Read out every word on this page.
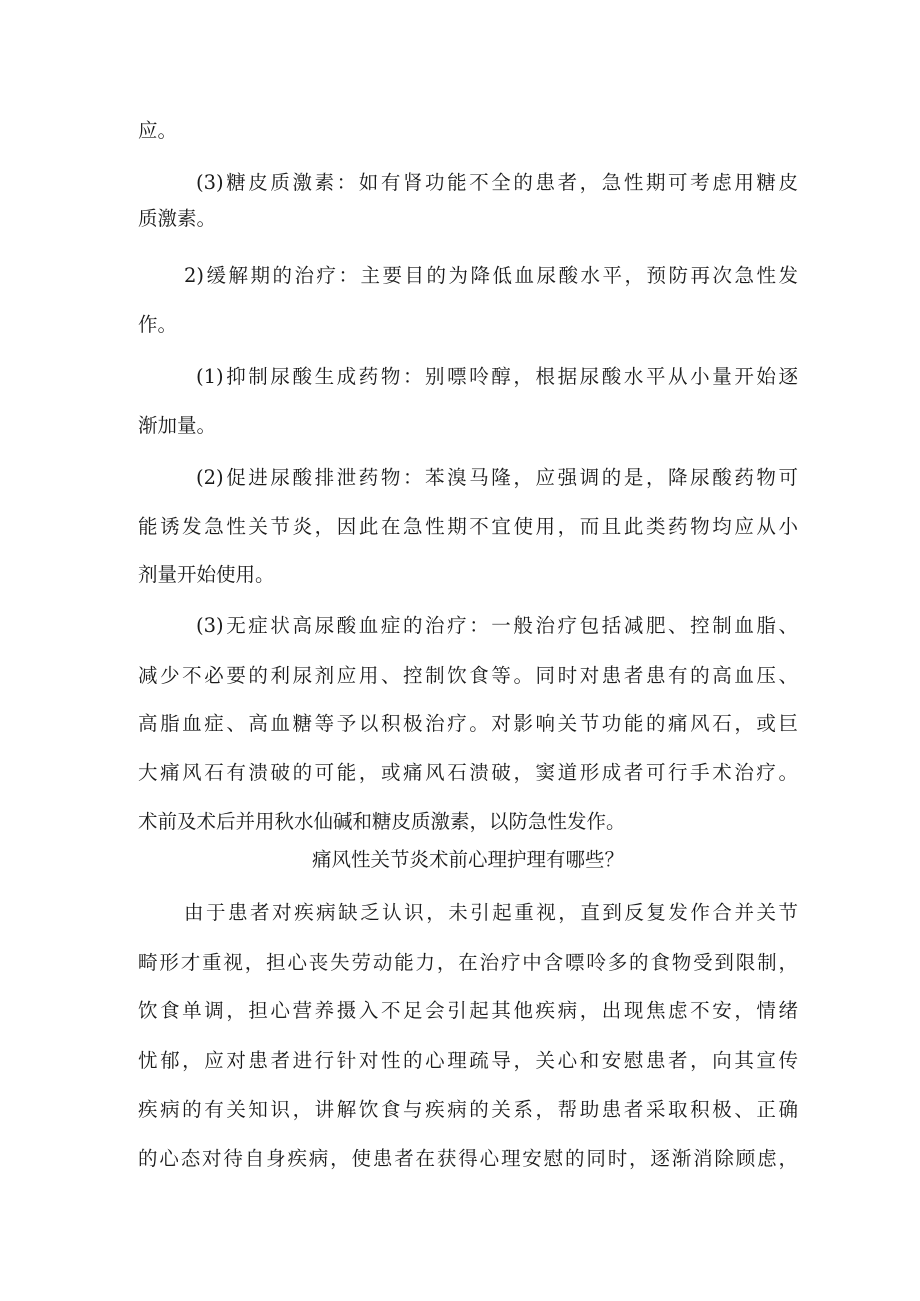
应。
(3)糖皮质激素：如有肾功能不全的患者，急性期可考虑用糖皮
质激素。
2)缓解期的治疗：主要目的为降低血尿酸水平，预防再次急性发
作。
(1)抑制尿酸生成药物：别嘌呤醇，根据尿酸水平从小量开始逐
渐加量。
(2)促进尿酸排泄药物：苯溴马隆，应强调的是，降尿酸药物可
能诱发急性关节炎，因此在急性期不宜使用，而且此类药物均应从小
剂量开始使用。
(3)无症状高尿酸血症的治疗：一般治疗包括减肥、控制血脂、
减少不必要的利尿剂应用、控制饮食等。同时对患者患有的高血压、
高脂血症、高血糖等予以积极治疗。对影响关节功能的痛风石，或巨
大痛风石有溃破的可能，或痛风石溃破，窦道形成者可行手术治疗。
术前及术后并用秋水仙碱和糖皮质激素，以防急性发作。
痛风性关节炎术前心理护理有哪些？
由于患者对疾病缺乏认识，未引起重视，直到反复发作合并关节
畸形才重视，担心丧失劳动能力，在治疗中含嘌呤多的食物受到限制，
饮食单调，担心营养摄入不足会引起其他疾病，出现焦虑不安，情绪
忧郁，应对患者进行针对性的心理疏导，关心和安慰患者，向其宣传
疾病的有关知识，讲解饮食与疾病的关系，帮助患者采取积极、正确
的心态对待自身疾病，使患者在获得心理安慰的同时，逐渐消除顾虑，
